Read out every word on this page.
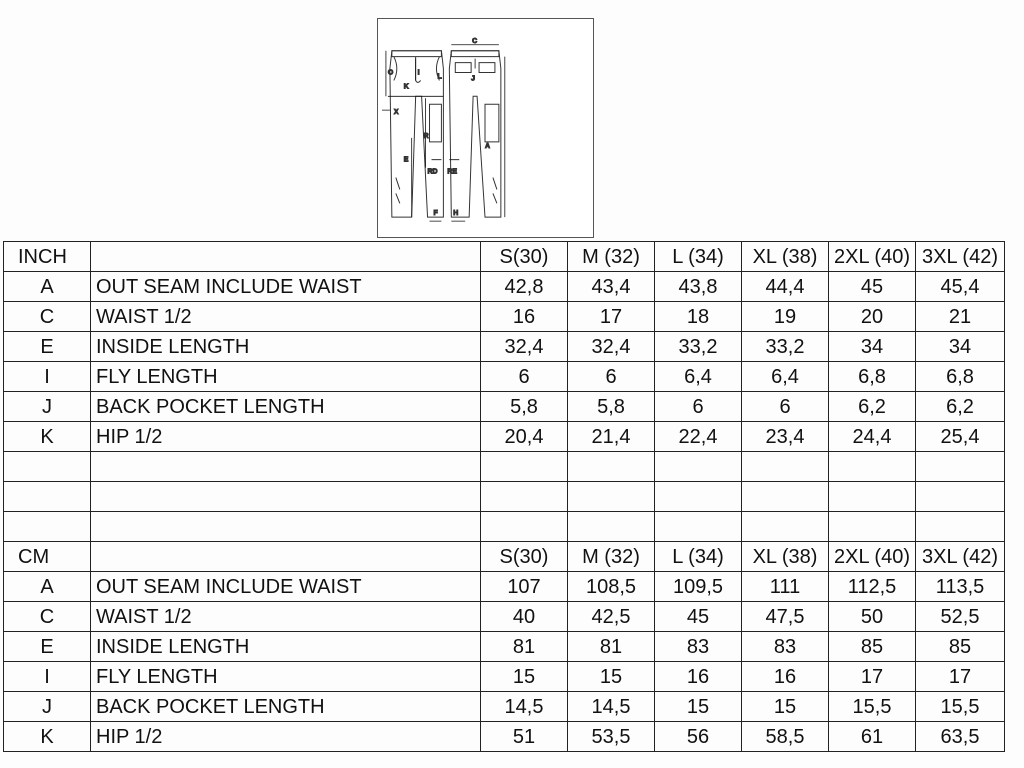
C
O
K
I
L	J
X
R
E
A
RD RE
F H
INCH		S(30)	M (32)	L (34)	XL (38)	2XL (40)	3XL (42)
A	OUT SEAM INCLUDE WAIST	42,8	43,4	43,8	44,4	45	45,4
C	WAIST 1/2	16	17	18	19	20	21
E	INSIDE LENGTH	32,4	32,4	33,2	33,2	34	34
I	FLY LENGTH	6	6	6,4	6,4	6,8	6,8
J	BACK POCKET LENGTH	5,8	5,8	6	6	6,2	6,2
K	HIP 1/2	20,4	21,4	22,4	23,4	24,4	25,4

CM		S(30)	M (32)	L (34)	XL (38)	2XL (40)	3XL (42)
A	OUT SEAM INCLUDE WAIST	107	108,5	109,5	111	112,5	113,5
C	WAIST 1/2	40	42,5	45	47,5	50	52,5
E	INSIDE LENGTH	81	81	83	83	85	85
I	FLY LENGTH	15	15	16	16	17	17
J	BACK POCKET LENGTH	14,5	14,5	15	15	15,5	15,5
K	HIP 1/2	51	53,5	56	58,5	61	63,5
